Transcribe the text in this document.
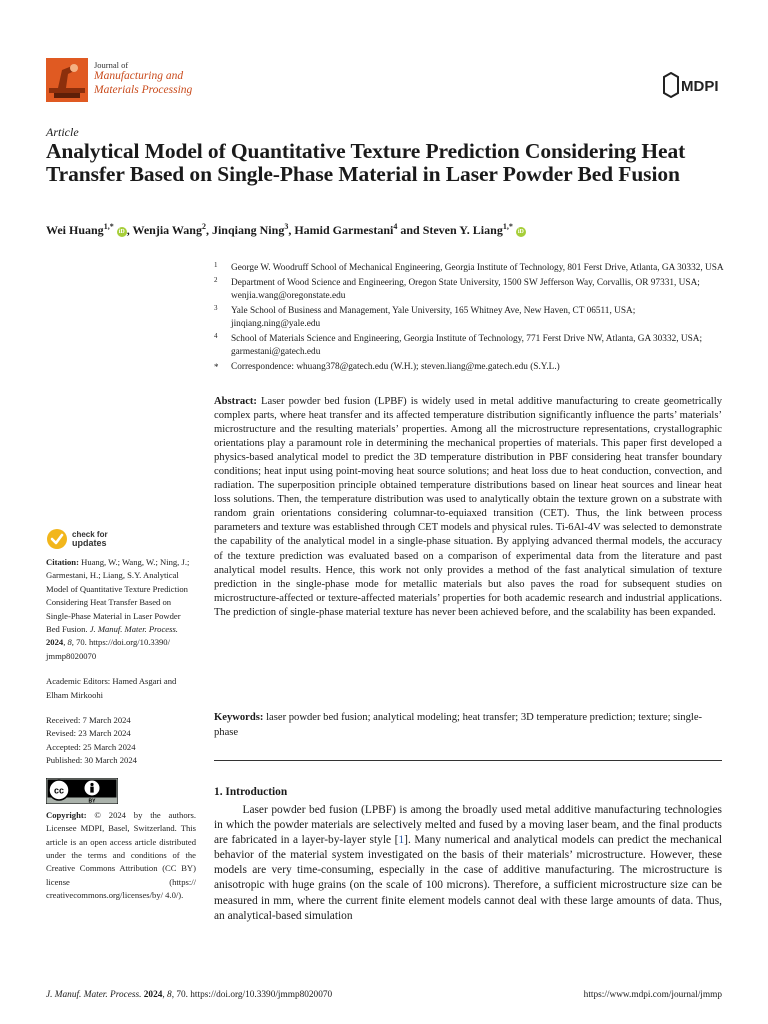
Journal of
Manufacturing and
Materials Processing	MDPI
Article
Analytical Model of Quantitative Texture Prediction Considering Heat Transfer Based on Single-Phase Material in Laser Powder Bed Fusion
Wei Huang$^{1,*}$ iD , Wenjia Wang$^2$, Jinqiang Ning$^3$, Hamid Garmestani$^4$ and Steven Y. Liang$^{1,*}$ iD
1 George W. Woodruff School of Mechanical Engineering, Georgia Institute of Technology, 801 Ferst Drive, Atlanta, GA 30332, USA
2 Department of Wood Science and Engineering, Oregon State University, 1500 SW Jefferson Way, Corvallis, OR 97331, USA; wenjia.wang@oregonstate.edu
3 Yale School of Business and Management, Yale University, 165 Whitney Ave, New Haven, CT 06511, USA; jinqiang.ning@yale.edu
4 School of Materials Science and Engineering, Georgia Institute of Technology, 771 Ferst Drive NW, Atlanta, GA 30332, USA; garmestani@gatech.edu
* Correspondence: whuang378@gatech.edu (W.H.); steven.liang@me.gatech.edu (S.Y.L.)
Abstract: Laser powder bed fusion (LPBF) is widely used in metal additive manufacturing to create geometrically complex parts, where heat transfer and its affected temperature distribution significantly influence the parts’ materials’ microstructure and the resulting materials’ properties. Among all the microstructure representations, crystallographic orientations play a paramount role in determining the mechanical properties of materials. This paper first developed a physics-based analytical model to predict the 3D temperature distribution in PBF considering heat transfer boundary conditions; heat input using point-moving heat source solutions; and heat loss due to heat conduction, convection, and radiation. The superposition principle obtained temperature distributions based on linear heat sources and linear heat loss solutions. Then, the temperature distribution was used to analytically obtain the texture grown on a substrate with random grain orientations considering columnar-to-equiaxed transition (CET). Thus, the link between process parameters and texture was established through CET models and physical rules. Ti-6Al-4V was selected to demonstrate the capability of the analytical model in a single-phase situation. By applying advanced thermal models, the accuracy of the texture prediction was evaluated based on a comparison of experimental data from the literature and past analytical model results. Hence, this work not only provides a method of the fast analytical simulation of texture prediction in the single-phase mode for metallic materials but also paves the road for subsequent studies on microstructure-affected or texture-affected materials’ properties for both academic research and industrial applications. The prediction of single-phase material texture has never been achieved before, and the scalability has been expanded.
Keywords: laser powder bed fusion; analytical modeling; heat transfer; 3D temperature prediction; texture; single-phase
1. Introduction
   Laser powder bed fusion (LPBF) is among the broadly used metal additive manufacturing technologies in which the powder materials are selectively melted and fused by a moving laser beam, and the final products are fabricated in a layer-by-layer style [1]. Many numerical and analytical models can predict the mechanical behavior of the material system investigated on the basis of their materials’ microstructure. However, these models are very time-consuming, especially in the case of additive manufacturing. The microstructure is anisotropic with huge grains (on the scale of 100 microns). Therefore, a sufficient microstructure size can be measured in mm, where the current finite element models cannot deal with these large amounts of data. Thus, an analytical-based simulation
check for
updates

Citation: Huang, W.; Wang, W.; Ning, J.; Garmestani, H.; Liang, S.Y. Analytical Model of Quantitative Texture Prediction Considering Heat Transfer Based on Single-Phase Material in Laser Powder Bed Fusion. J. Manuf. Mater. Process. 2024, 8, 70. https://doi.org/10.3390/ jmmp8020070

Academic Editors: Hamed Asgari and Elham Mirkoohi

Received: 7 March 2024

Revised: 23 March 2024

Accepted: 25 March 2024

Published: 30 March 2024

cc
BY

Copyright: © 2024 by the authors. Licensee MDPI, Basel, Switzerland. This article is an open access article distributed under the terms and conditions of the Creative Commons Attribution (CC BY) license (https:// creativecommons.org/licenses/by/ 4.0/).

J. Manuf. Mater. Process. 2024, 8, 70. https://doi.org/10.3390/jmmp8020070	https://www.mdpi.com/journal/jmmp
